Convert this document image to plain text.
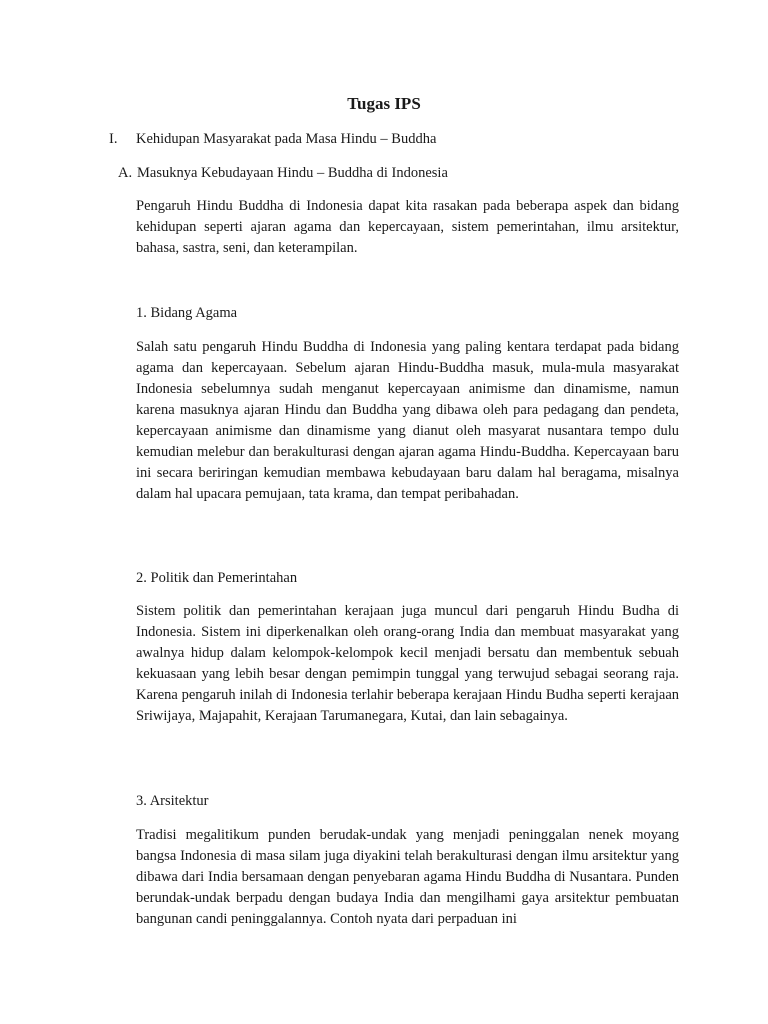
Tugas IPS
I. Kehidupan Masyarakat pada Masa Hindu – Buddha
A. Masuknya Kebudayaan Hindu – Buddha di Indonesia

Pengaruh Hindu Buddha di Indonesia dapat kita rasakan pada beberapa aspek dan bidang kehidupan seperti ajaran agama dan kepercayaan, sistem pemerintahan, ilmu arsitektur, bahasa, sastra, seni, dan keterampilan.

1. Bidang Agama

Salah satu pengaruh Hindu Buddha di Indonesia yang paling kentara terdapat pada bidang agama dan kepercayaan. Sebelum ajaran Hindu-Buddha masuk, mula-mula masyarakat Indonesia sebelumnya sudah menganut kepercayaan animisme dan dinamisme, namun karena masuknya ajaran Hindu dan Buddha yang dibawa oleh para pedagang dan pendeta, kepercayaan animisme dan dinamisme yang dianut oleh masyarat nusantara tempo dulu kemudian melebur dan berakulturasi dengan ajaran agama Hindu-Buddha. Kepercayaan baru ini secara beriringan kemudian membawa kebudayaan baru dalam hal beragama, misalnya dalam hal upacara pemujaan, tata krama, dan tempat peribahadan.

2. Politik dan Pemerintahan

Sistem politik dan pemerintahan kerajaan juga muncul dari pengaruh Hindu Budha di Indonesia. Sistem ini diperkenalkan oleh orang-orang India dan membuat masyarakat yang awalnya hidup dalam kelompok-kelompok kecil menjadi bersatu dan membentuk sebuah kekuasaan yang lebih besar dengan pemimpin tunggal yang terwujud sebagai seorang raja. Karena pengaruh inilah di Indonesia terlahir beberapa kerajaan Hindu Budha seperti kerajaan Sriwijaya, Majapahit, Kerajaan Tarumanegara, Kutai, dan lain sebagainya.

3. Arsitektur

Tradisi megalitikum punden berudak-undak yang menjadi peninggalan nenek moyang bangsa Indonesia di masa silam juga diyakini telah berakulturasi dengan ilmu arsitektur yang dibawa dari India bersamaan dengan penyebaran agama Hindu Buddha di Nusantara. Punden berundak-undak berpadu dengan budaya India dan mengilhami gaya arsitektur pembuatan bangunan candi peninggalannya. Contoh nyata dari perpaduan ini
